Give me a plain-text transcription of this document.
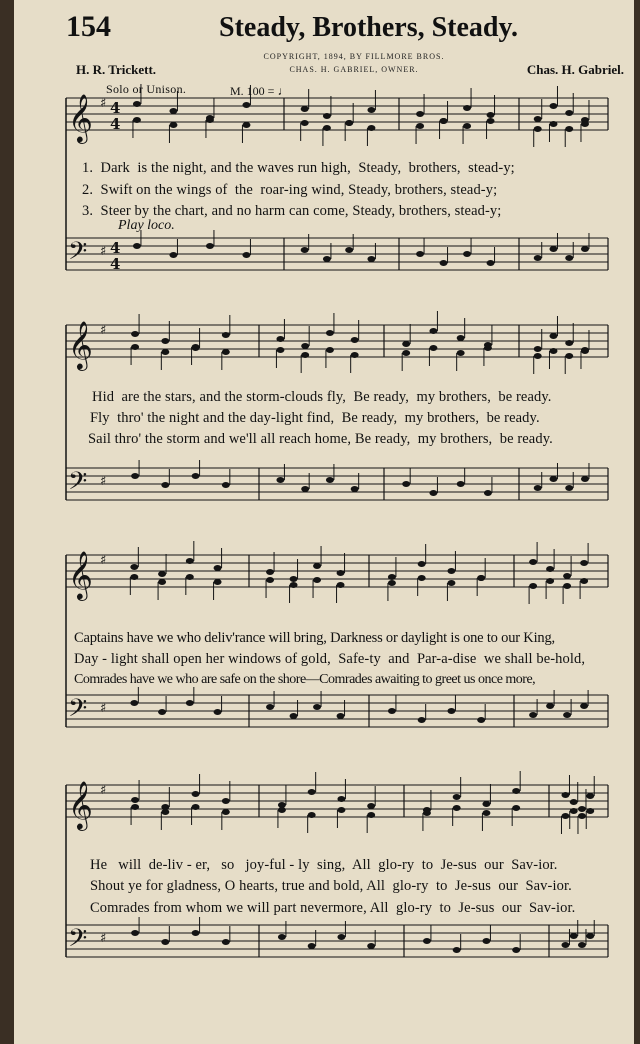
154	Steady, Brothers, Steady.
COPYRIGHT, 1894, BY FILLMORE BROS.
CHAS. H. GABRIEL, OWNER.
H. R. Trickett.	Chas. H. Gabriel.
Solo or Unison.	M. 100 = ♩
Play loco.
𝄞 ♯ 4
4
𝄢 ♯ 4
4
𝄞 ♯
𝄢 ♯
𝄞 ♯
𝄢 ♯
𝄞 ♯
𝄢 ♯
1.  Dark  is the night, and the waves run high,  Steady,  brothers,  stead-y;
2.  Swift on the wings of  the  roar-ing wind, Steady, brothers, stead-y;
3.  Steer by the chart, and no harm can come, Steady, brothers, stead-y;
Hid  are the stars, and the storm-clouds fly,  Be ready,  my brothers,  be ready.
Fly  thro' the night and the day-light find,  Be ready,  my brothers,  be ready.
Sail thro' the storm and we'll all reach home, Be ready,  my brothers,  be ready.
Captains have we who deliv'rance will bring, Darkness or daylight is one to our King,
Day - light shall open her windows of gold,  Safe-ty  and  Par-a-dise  we shall be-hold,
Comrades have we who are safe on the shore—Comrades awaiting to greet us once more,
He   will  de-liv - er,   so   joy-ful - ly  sing,  All  glo-ry  to  Je-sus  our  Sav-ior.
Shout ye for gladness, O hearts, true and bold, All  glo-ry  to  Je-sus  our  Sav-ior.
Comrades from whom we will part nevermore, All  glo-ry  to  Je-sus  our  Sav-ior.
